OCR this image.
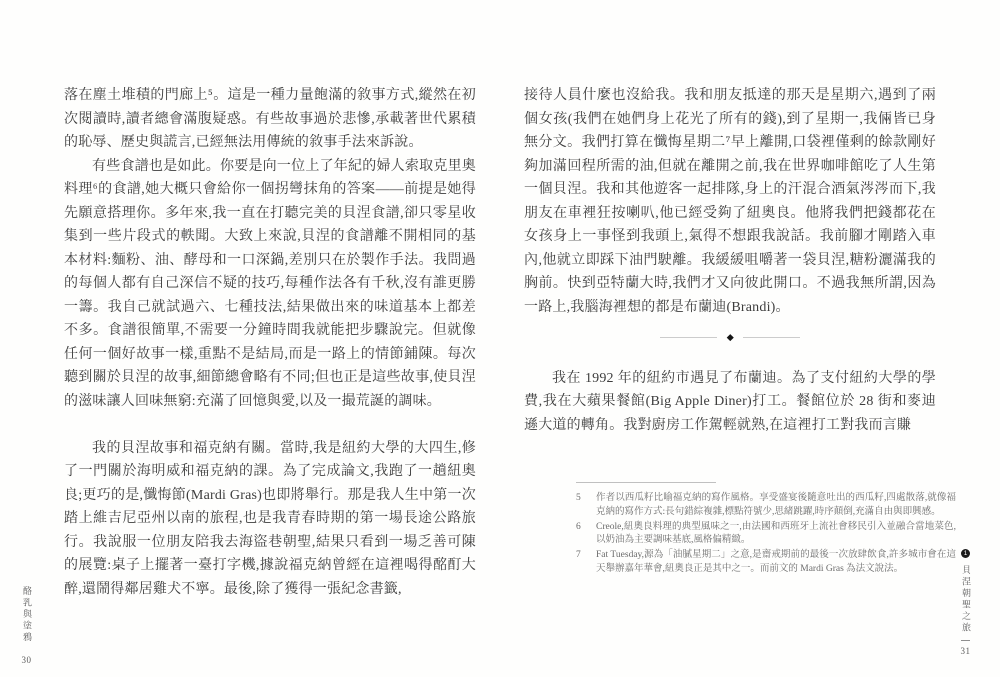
落在塵土堆積的門廊上⁵。這是一種力量飽滿的敘事方式,縱然在初次閱讀時,讀者總會滿腹疑惑。有些故事過於悲慘,承載著世代累積的恥辱、歷史與謊言,已經無法用傳統的敘事手法來訴說。

有些食譜也是如此。你要是向一位上了年紀的婦人索取克里奧料理⁶的食譜,她大概只會給你一個拐彎抹角的答案——前提是她得先願意搭理你。多年來,我一直在打聽完美的貝涅食譜,卻只零星收集到一些片段式的軼聞。大致上來說,貝涅的食譜離不開相同的基本材料:麵粉、油、酵母和一口深鍋,差別只在於製作手法。我問過的每個人都有自己深信不疑的技巧,每種作法各有千秋,沒有誰更勝一籌。我自己就試過六、七種技法,結果做出來的味道基本上都差不多。食譜很簡單,不需要一分鐘時間我就能把步驟說完。但就像任何一個好故事一樣,重點不是結局,而是一路上的情節鋪陳。每次聽到關於貝涅的故事,細節總會略有不同;但也正是這些故事,使貝涅的滋味讓人回味無窮:充滿了回憶與愛,以及一撮荒誕的調味。

我的貝涅故事和福克納有關。當時,我是紐約大學的大四生,修了一門關於海明威和福克納的課。為了完成論文,我跑了一趟紐奧良;更巧的是,懺悔節(Mardi Gras)也即將舉行。那是我人生中第一次踏上維吉尼亞州以南的旅程,也是我青春時期的第一場長途公路旅行。我說服一位朋友陪我去海盜巷朝聖,結果只看到一場乏善可陳的展覽:桌子上擺著一臺打字機,據說福克納曾經在這裡喝得酩酊大醉,還鬧得鄰居雞犬不寧。最後,除了獲得一張紀念書籤,

酪乳與塗鴉
30

接待人員什麼也沒給我。我和朋友抵達的那天是星期六,遇到了兩個女孩(我們在她們身上花光了所有的錢),到了星期一,我倆皆已身無分文。我們打算在懺悔星期二⁷早上離開,口袋裡僅剩的餘款剛好夠加滿回程所需的油,但就在離開之前,我在世界咖啡館吃了人生第一個貝涅。我和其他遊客一起排隊,身上的汗混合酒氣涔涔而下,我朋友在車裡狂按喇叭,他已經受夠了紐奧良。他將我們把錢都花在女孩身上一事怪到我頭上,氣得不想跟我說話。我前腳才剛踏入車內,他就立即踩下油門駛離。我緩緩咀嚼著一袋貝涅,糖粉灑滿我的胸前。快到亞特蘭大時,我們才又向彼此開口。不過我無所謂,因為一路上,我腦海裡想的都是布蘭迪(Brandi)。

我在 1992 年的紐約市遇見了布蘭迪。為了支付紐約大學的學費,我在大蘋果餐館(Big Apple Diner)打工。餐館位於 28 街和麥迪遜大道的轉角。我對廚房工作駕輕就熟,在這裡打工對我而言賺

5	作者以西瓜籽比喻福克納的寫作風格。享受盛宴後隨意吐出的西瓜籽,四處散落,就像福克納的寫作方式:長句錯綜複雜,標點符號少,思緒跳躍,時序顛倒,充滿自由與即興感。
6	Creole,紐奧良料理的典型風味之一,由法國和西班牙上流社會移民引入並融合當地菜色,以奶油為主要調味基底,風格偏精緻。
7	Fat Tuesday,源為「油膩星期二」之意,是齋戒期前的最後一次放肆飲食,許多城市會在這天舉辦嘉年華會,紐奧良正是其中之一。而前文的 Mardi Gras 為法文說法。
1
貝涅朝聖之旅
31
